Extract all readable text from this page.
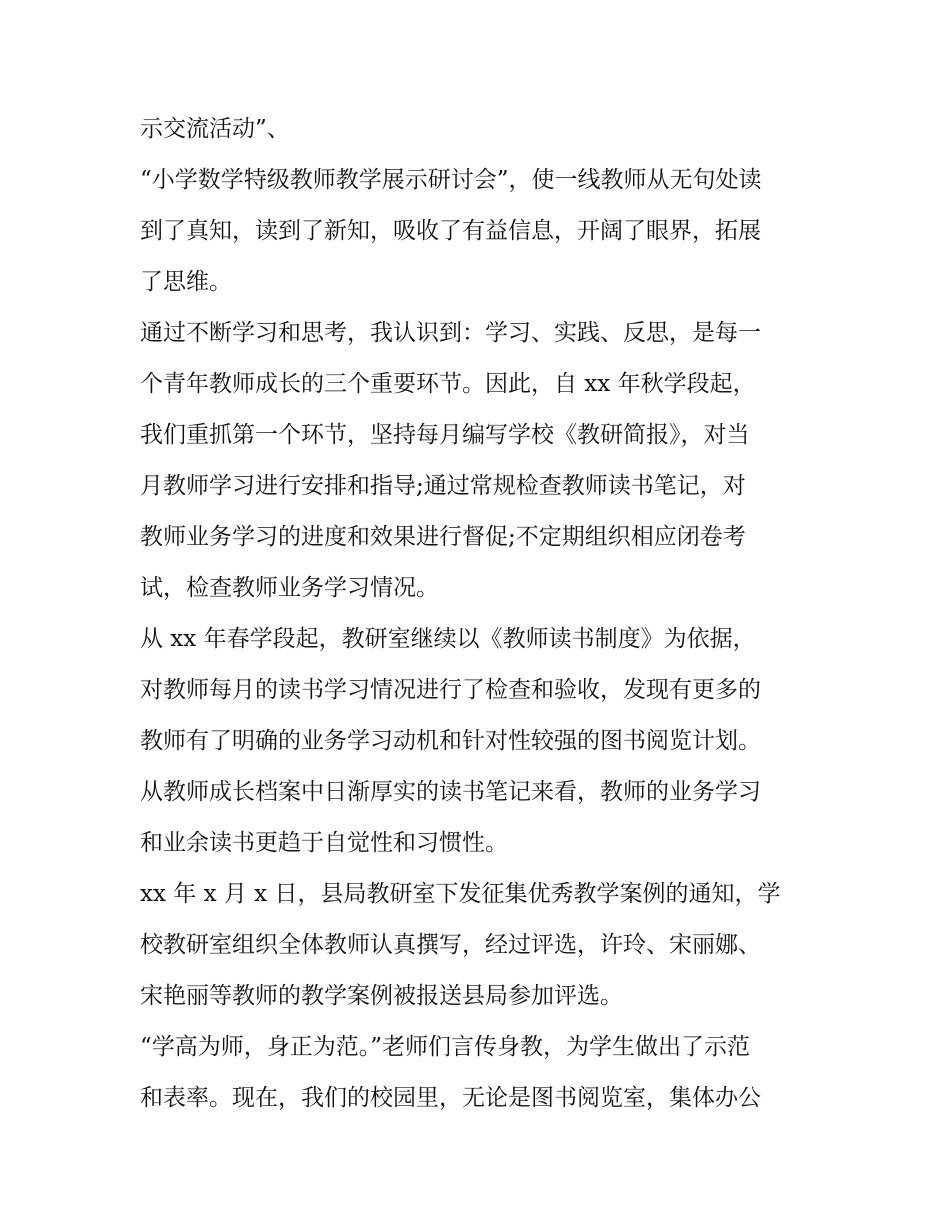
示交流活动”、
“小学数学特级教师教学展示研讨会”，使一线教师从无句处读
到了真知，读到了新知，吸收了有益信息，开阔了眼界，拓展
了思维。
通过不断学习和思考，我认识到：学习、实践、反思，是每一
个青年教师成长的三个重要环节。因此，自 xx 年秋学段起，
我们重抓第一个环节，坚持每月编写学校《教研简报》，对当
月教师学习进行安排和指导;通过常规检查教师读书笔记，对
教师业务学习的进度和效果进行督促;不定期组织相应闭卷考
试，检查教师业务学习情况。
从 xx 年春学段起，教研室继续以《教师读书制度》为依据，
对教师每月的读书学习情况进行了检查和验收，发现有更多的
教师有了明确的业务学习动机和针对性较强的图书阅览计划。
从教师成长档案中日渐厚实的读书笔记来看，教师的业务学习
和业余读书更趋于自觉性和习惯性。
xx 年 x 月 x 日，县局教研室下发征集优秀教学案例的通知，学
校教研室组织全体教师认真撰写，经过评选，许玲、宋丽娜、
宋艳丽等教师的教学案例被报送县局参加评选。
“学高为师，身正为范。”老师们言传身教，为学生做出了示范
和表率。现在，我们的校园里，无论是图书阅览室，集体办公
